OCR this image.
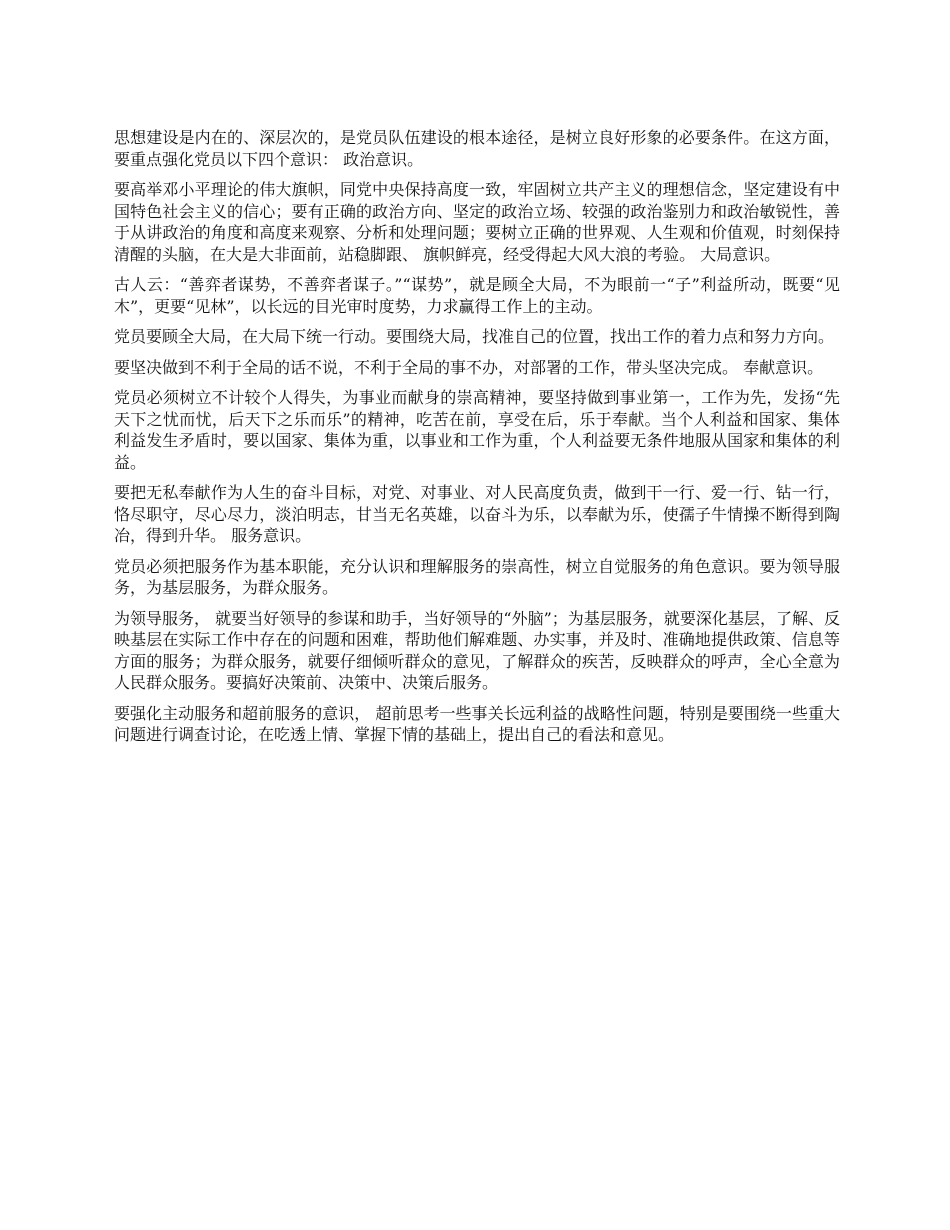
思想建设是内在的、深层次的，是党员队伍建设的根本途径，是树立良好形象的必要条件。在这方面，要重点强化党员以下四个意识： 政治意识。

要高举邓小平理论的伟大旗帜，同党中央保持高度一致，牢固树立共产主义的理想信念，坚定建设有中国特色社会主义的信心；要有正确的政治方向、坚定的政治立场、较强的政治鉴别力和政治敏锐性，善于从讲政治的角度和高度来观察、分析和处理问题；要树立正确的世界观、人生观和价值观，时刻保持清醒的头脑，在大是大非面前，站稳脚跟、 旗帜鲜亮，经受得起大风大浪的考验。 大局意识。

古人云：“善弈者谋势，不善弈者谋子。”“谋势”，就是顾全大局，不为眼前一“子”利益所动，既要“见木”，更要“见林”，以长远的目光审时度势，力求赢得工作上的主动。

党员要顾全大局，在大局下统一行动。要围绕大局，找准自己的位置，找出工作的着力点和努力方向。

要坚决做到不利于全局的话不说，不利于全局的事不办，对部署的工作，带头坚决完成。 奉献意识。

党员必须树立不计较个人得失，为事业而献身的崇高精神，要坚持做到事业第一，工作为先，发扬“先天下之忧而忧，后天下之乐而乐”的精神，吃苦在前，享受在后，乐于奉献。当个人利益和国家、集体利益发生矛盾时，要以国家、集体为重，以事业和工作为重，个人利益要无条件地服从国家和集体的利益。

要把无私奉献作为人生的奋斗目标，对党、对事业、对人民高度负责，做到干一行、爱一行、钻一行，恪尽职守，尽心尽力，淡泊明志，甘当无名英雄，以奋斗为乐，以奉献为乐，使孺子牛情操不断得到陶冶，得到升华。 服务意识。

党员必须把服务作为基本职能，充分认识和理解服务的崇高性，树立自觉服务的角色意识。要为领导服务，为基层服务，为群众服务。

为领导服务， 就要当好领导的参谋和助手，当好领导的“外脑”；为基层服务，就要深化基层，了解、反映基层在实际工作中存在的问题和困难，帮助他们解难题、办实事，并及时、准确地提供政策、信息等方面的服务；为群众服务，就要仔细倾听群众的意见，了解群众的疾苦，反映群众的呼声，全心全意为人民群众服务。要搞好决策前、决策中、决策后服务。

要强化主动服务和超前服务的意识， 超前思考一些事关长远利益的战略性问题，特别是要围绕一些重大问题进行调查讨论，在吃透上情、掌握下情的基础上，提出自己的看法和意见。
